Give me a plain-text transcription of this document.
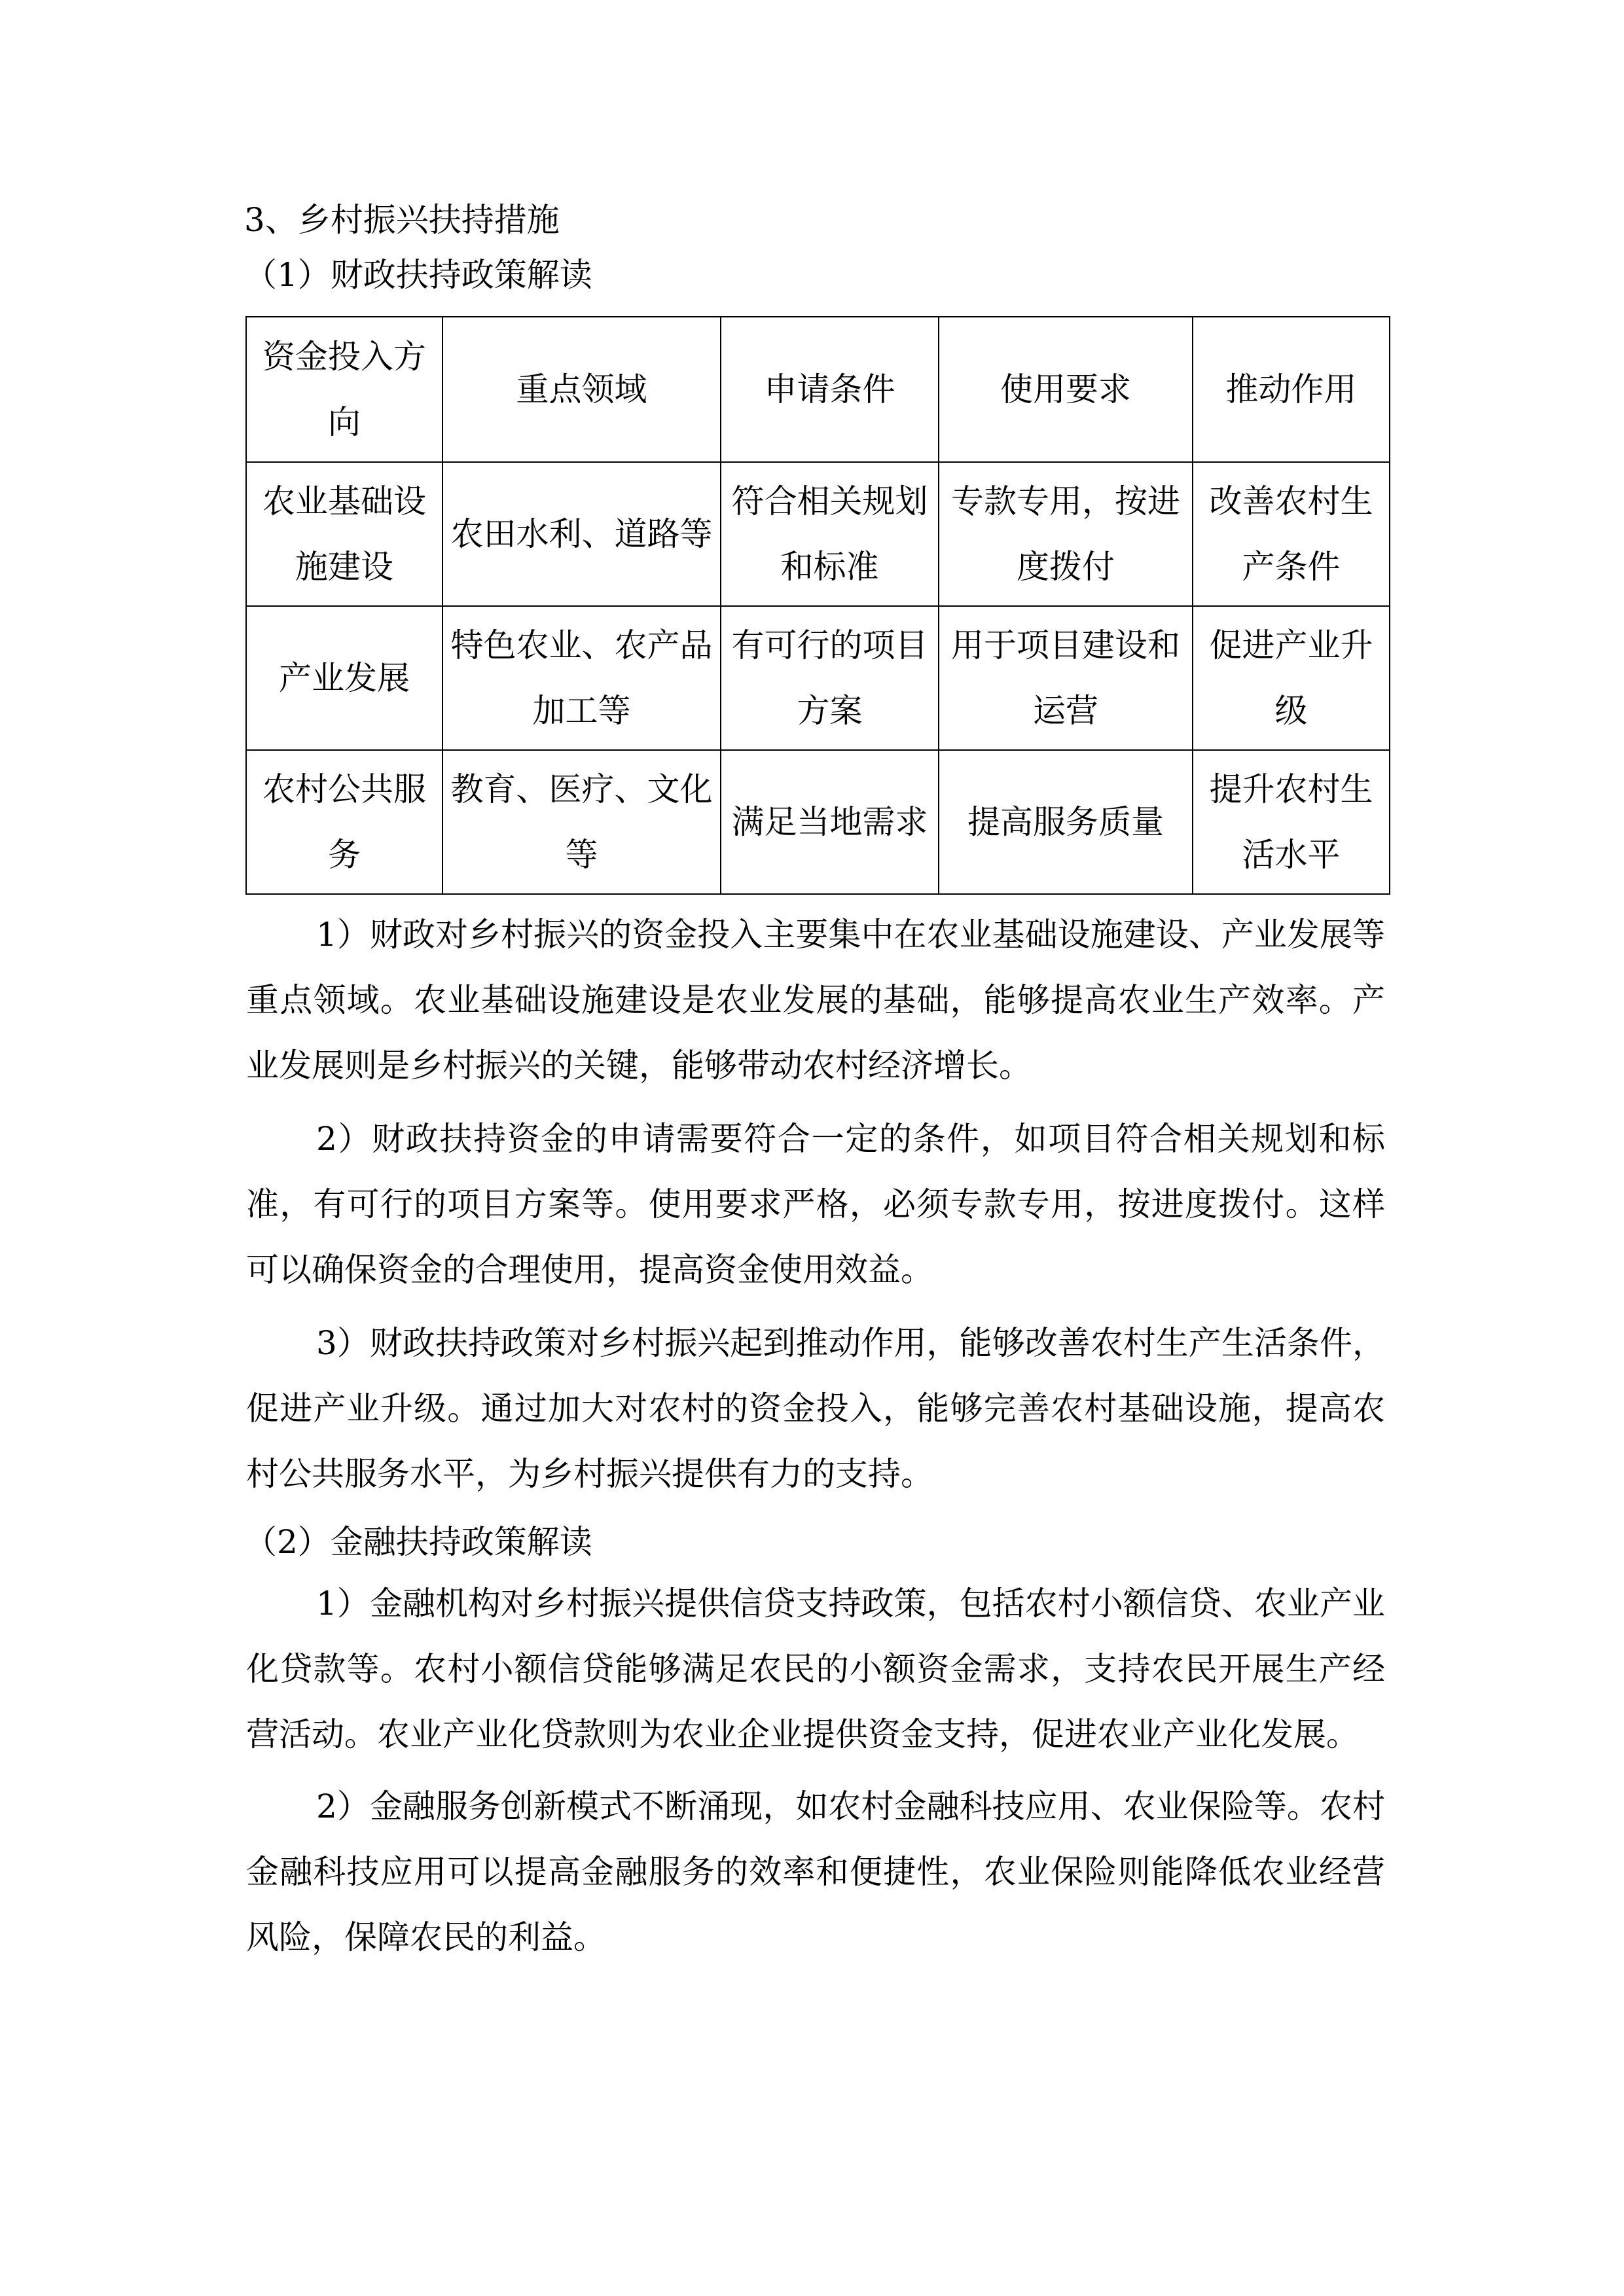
3、乡村振兴扶持措施
（1）财政扶持政策解读
资金投入方向	重点领域	申请条件	使用要求	推动作用
农业基础设施建设	农田水利、道路等	符合相关规划和标准	专款专用，按进度拨付	改善农村生产条件
产业发展	特色农业、农产品加工等	有可行的项目方案	用于项目建设和运营	促进产业升级
农村公共服务	教育、医疗、文化等	满足当地需求	提高服务质量	提升农村生活水平
1）财政对乡村振兴的资金投入主要集中在农业基础设施建设、产业发展等重点领域。农业基础设施建设是农业发展的基础，能够提高农业生产效率。产业发展则是乡村振兴的关键，能够带动农村经济增长。
2）财政扶持资金的申请需要符合一定的条件，如项目符合相关规划和标准，有可行的项目方案等。使用要求严格，必须专款专用，按进度拨付。这样可以确保资金的合理使用，提高资金使用效益。
3）财政扶持政策对乡村振兴起到推动作用，能够改善农村生产生活条件，促进产业升级。通过加大对农村的资金投入，能够完善农村基础设施，提高农村公共服务水平，为乡村振兴提供有力的支持。
（2）金融扶持政策解读
1）金融机构对乡村振兴提供信贷支持政策，包括农村小额信贷、农业产业化贷款等。农村小额信贷能够满足农民的小额资金需求，支持农民开展生产经营活动。农业产业化贷款则为农业企业提供资金支持，促进农业产业化发展。
2）金融服务创新模式不断涌现，如农村金融科技应用、农业保险等。农村金融科技应用可以提高金融服务的效率和便捷性，农业保险则能降低农业经营风险，保障农民的利益。
